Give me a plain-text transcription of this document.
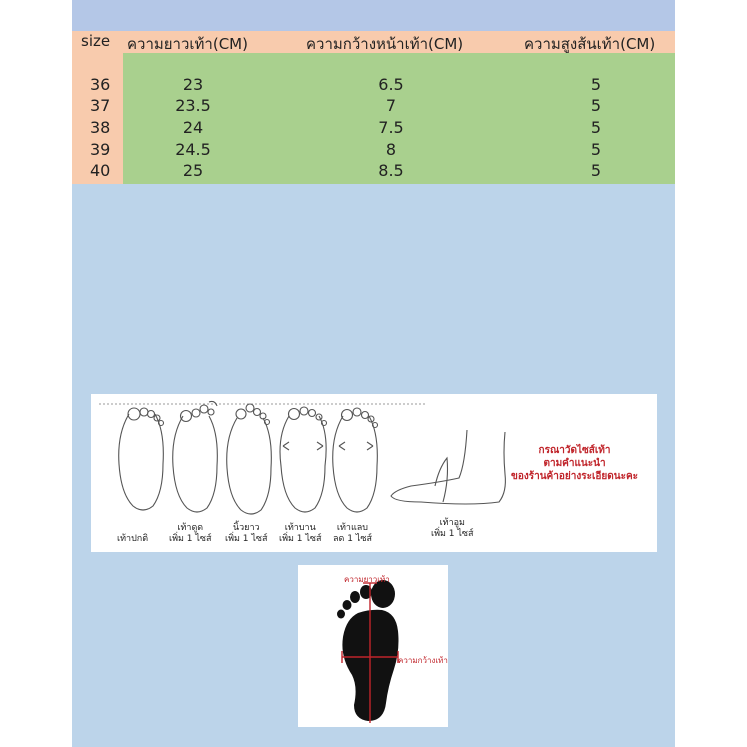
size ความยาวเท้า(CM)	ความกว้างหน้าเท้า(CM)	ความสูงส้นเท้า(CM)
36	23	6.5	5
37	23.5	7	5
38	24	7.5	5
39	24.5	8	5
40	25	8.5	5
เท้าปกติ
เท้าดูด
เพิ่ม 1 ไซส์
นิ้วยาว
เพิ่ม 1 ไซส์
เท้าบาน
เพิ่ม 1 ไซส์
เท้าแลบ
ลด 1 ไซส์
เท้าอูม
เพิ่ม 1 ไซส์
กรณาวัดไซส์เท้า
ตามคำแนะนำ
ของร้านค้าอย่างระเอียดนะคะ
ความยาวเท้า
ความกว้างเท้า
